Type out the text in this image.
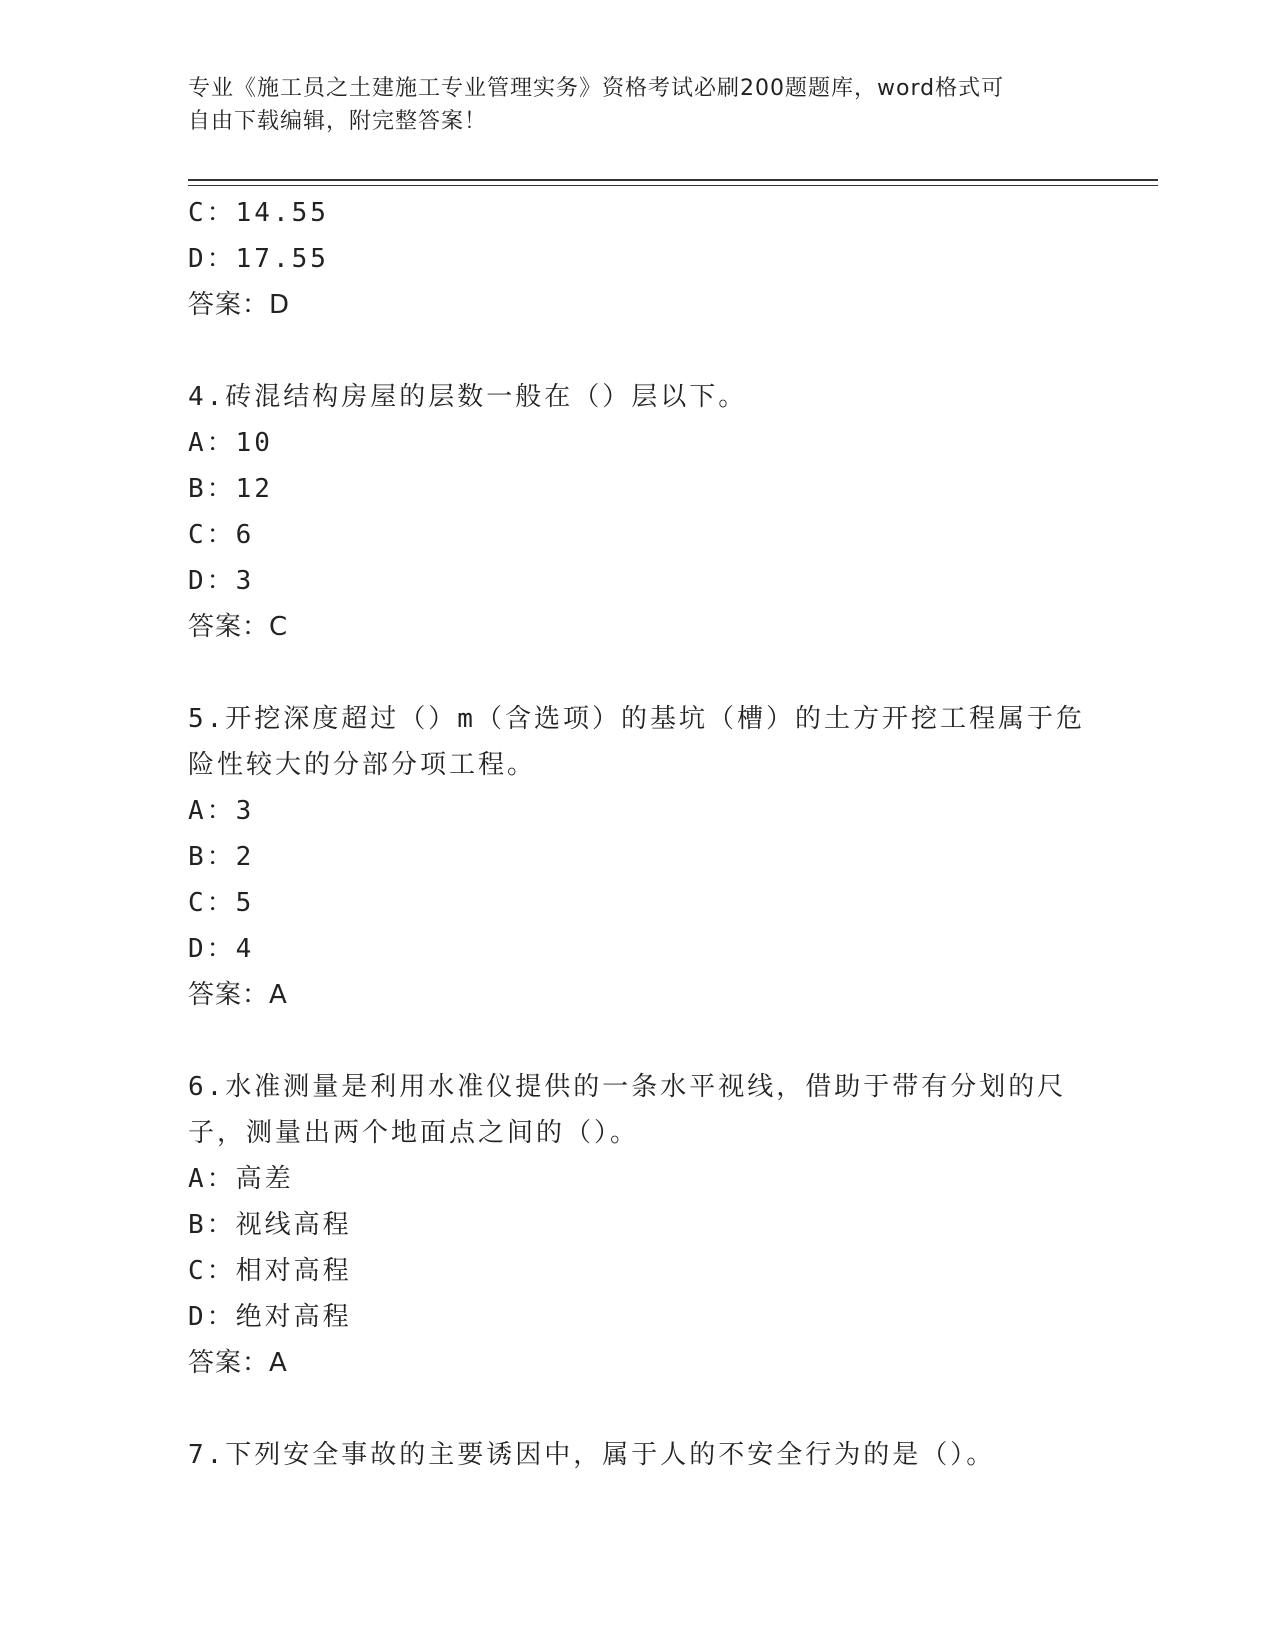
专业《施工员之土建施工专业管理实务》资格考试必刷200题题库，word格式可
自由下载编辑，附完整答案！
C：14.55
D：17.55
答案：D
4.砖混结构房屋的层数一般在（）层以下。
A：10
B：12
C：6
D：3
答案：C
5.开挖深度超过（）m（含选项）的基坑（槽）的土方开挖工程属于危
险性较大的分部分项工程。
A：3
B：2
C：5
D：4
答案：A
6.水准测量是利用水准仪提供的一条水平视线，借助于带有分划的尺
子，测量出两个地面点之间的（）。
A：高差
B：视线高程
C：相对高程
D：绝对高程
答案：A
7.下列安全事故的主要诱因中，属于人的不安全行为的是（）。
